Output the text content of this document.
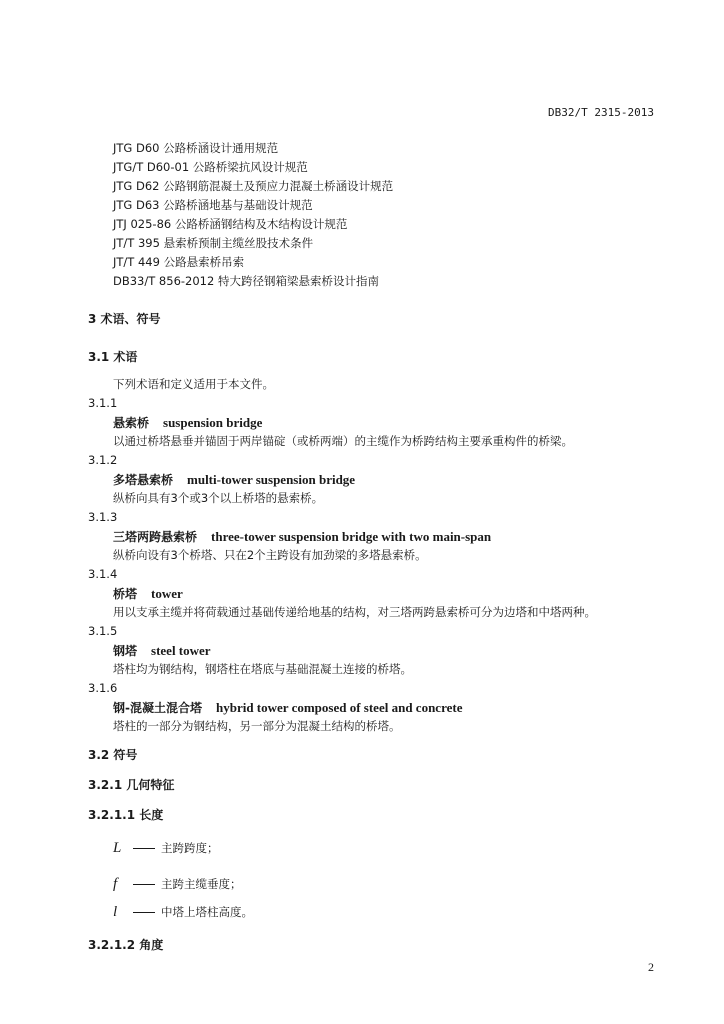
DB32/T 2315-2013
JTG D60 公路桥涵设计通用规范
JTG/T D60-01 公路桥梁抗风设计规范
JTG D62 公路钢筋混凝土及预应力混凝土桥涵设计规范
JTG D63 公路桥涵地基与基础设计规范
JTJ 025-86 公路桥涵钢结构及木结构设计规范
JT/T 395 悬索桥预制主缆丝股技术条件
JT/T 449 公路悬索桥吊索
DB33/T 856-2012 特大跨径钢箱梁悬索桥设计指南
3 术语、符号
3.1 术语
下列术语和定义适用于本文件。
3.1.1
悬索桥 suspension bridge
以通过桥塔悬垂并锚固于两岸锚碇（或桥两端）的主缆作为桥跨结构主要承重构件的桥梁。
3.1.2
多塔悬索桥 multi-tower suspension bridge
纵桥向具有3个或3个以上桥塔的悬索桥。
3.1.3
三塔两跨悬索桥 three-tower suspension bridge with two main-span
纵桥向设有3个桥塔、只在2个主跨设有加劲梁的多塔悬索桥。
3.1.4
桥塔 tower
用以支承主缆并将荷载通过基础传递给地基的结构，对三塔两跨悬索桥可分为边塔和中塔两种。
3.1.5
钢塔 steel tower
塔柱均为钢结构，钢塔柱在塔底与基础混凝土连接的桥塔。
3.1.6
钢-混凝土混合塔 hybrid tower composed of steel and concrete
塔柱的一部分为钢结构，另一部分为混凝土结构的桥塔。
3.2 符号
3.2.1 几何特征
3.2.1.1 长度
L	主跨跨度；
f	主跨主缆垂度；
l	中塔上塔柱高度。
3.2.1.2 角度
2
